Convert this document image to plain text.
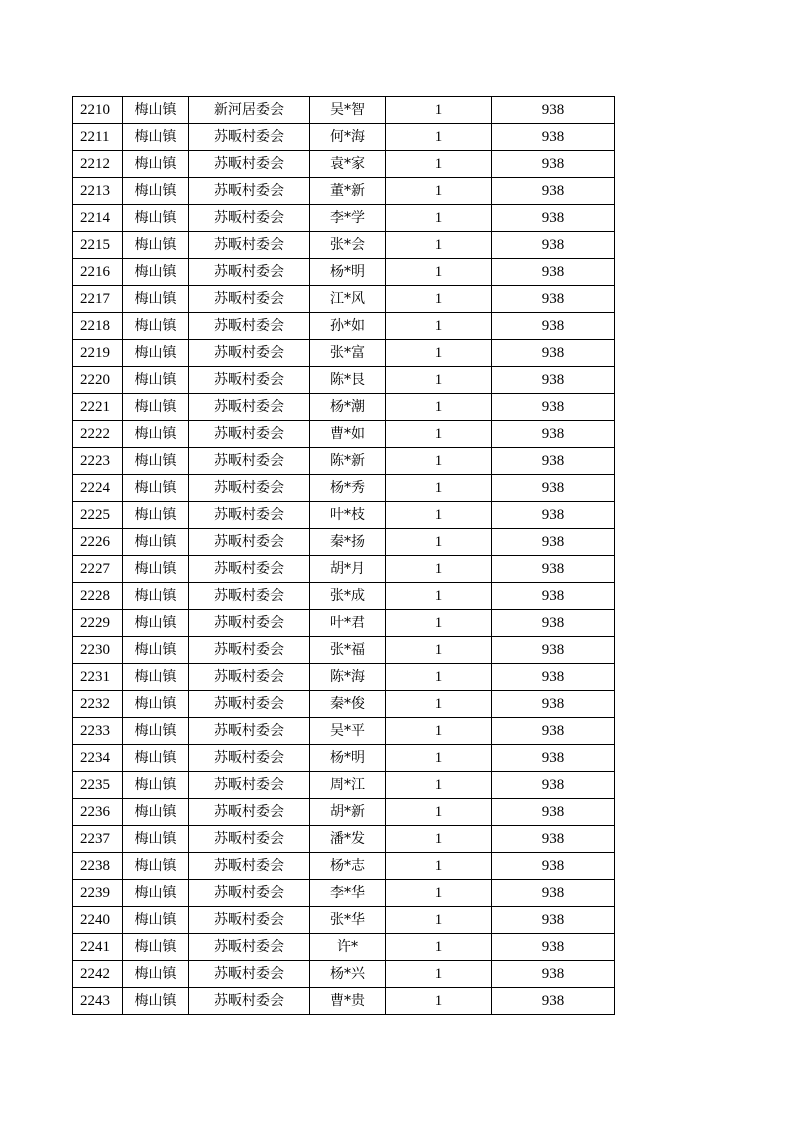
2210	梅山镇	新河居委会	吴*智	1	938
2211	梅山镇	苏畈村委会	何*海	1	938
2212	梅山镇	苏畈村委会	袁*家	1	938
2213	梅山镇	苏畈村委会	董*新	1	938
2214	梅山镇	苏畈村委会	李*学	1	938
2215	梅山镇	苏畈村委会	张*会	1	938
2216	梅山镇	苏畈村委会	杨*明	1	938
2217	梅山镇	苏畈村委会	江*风	1	938
2218	梅山镇	苏畈村委会	孙*如	1	938
2219	梅山镇	苏畈村委会	张*富	1	938
2220	梅山镇	苏畈村委会	陈*艮	1	938
2221	梅山镇	苏畈村委会	杨*潮	1	938
2222	梅山镇	苏畈村委会	曹*如	1	938
2223	梅山镇	苏畈村委会	陈*新	1	938
2224	梅山镇	苏畈村委会	杨*秀	1	938
2225	梅山镇	苏畈村委会	叶*枝	1	938
2226	梅山镇	苏畈村委会	秦*扬	1	938
2227	梅山镇	苏畈村委会	胡*月	1	938
2228	梅山镇	苏畈村委会	张*成	1	938
2229	梅山镇	苏畈村委会	叶*君	1	938
2230	梅山镇	苏畈村委会	张*福	1	938
2231	梅山镇	苏畈村委会	陈*海	1	938
2232	梅山镇	苏畈村委会	秦*俊	1	938
2233	梅山镇	苏畈村委会	吴*平	1	938
2234	梅山镇	苏畈村委会	杨*明	1	938
2235	梅山镇	苏畈村委会	周*江	1	938
2236	梅山镇	苏畈村委会	胡*新	1	938
2237	梅山镇	苏畈村委会	潘*发	1	938
2238	梅山镇	苏畈村委会	杨*志	1	938
2239	梅山镇	苏畈村委会	李*华	1	938
2240	梅山镇	苏畈村委会	张*华	1	938
2241	梅山镇	苏畈村委会	许*	1	938
2242	梅山镇	苏畈村委会	杨*兴	1	938
2243	梅山镇	苏畈村委会	曹*贵	1	938
